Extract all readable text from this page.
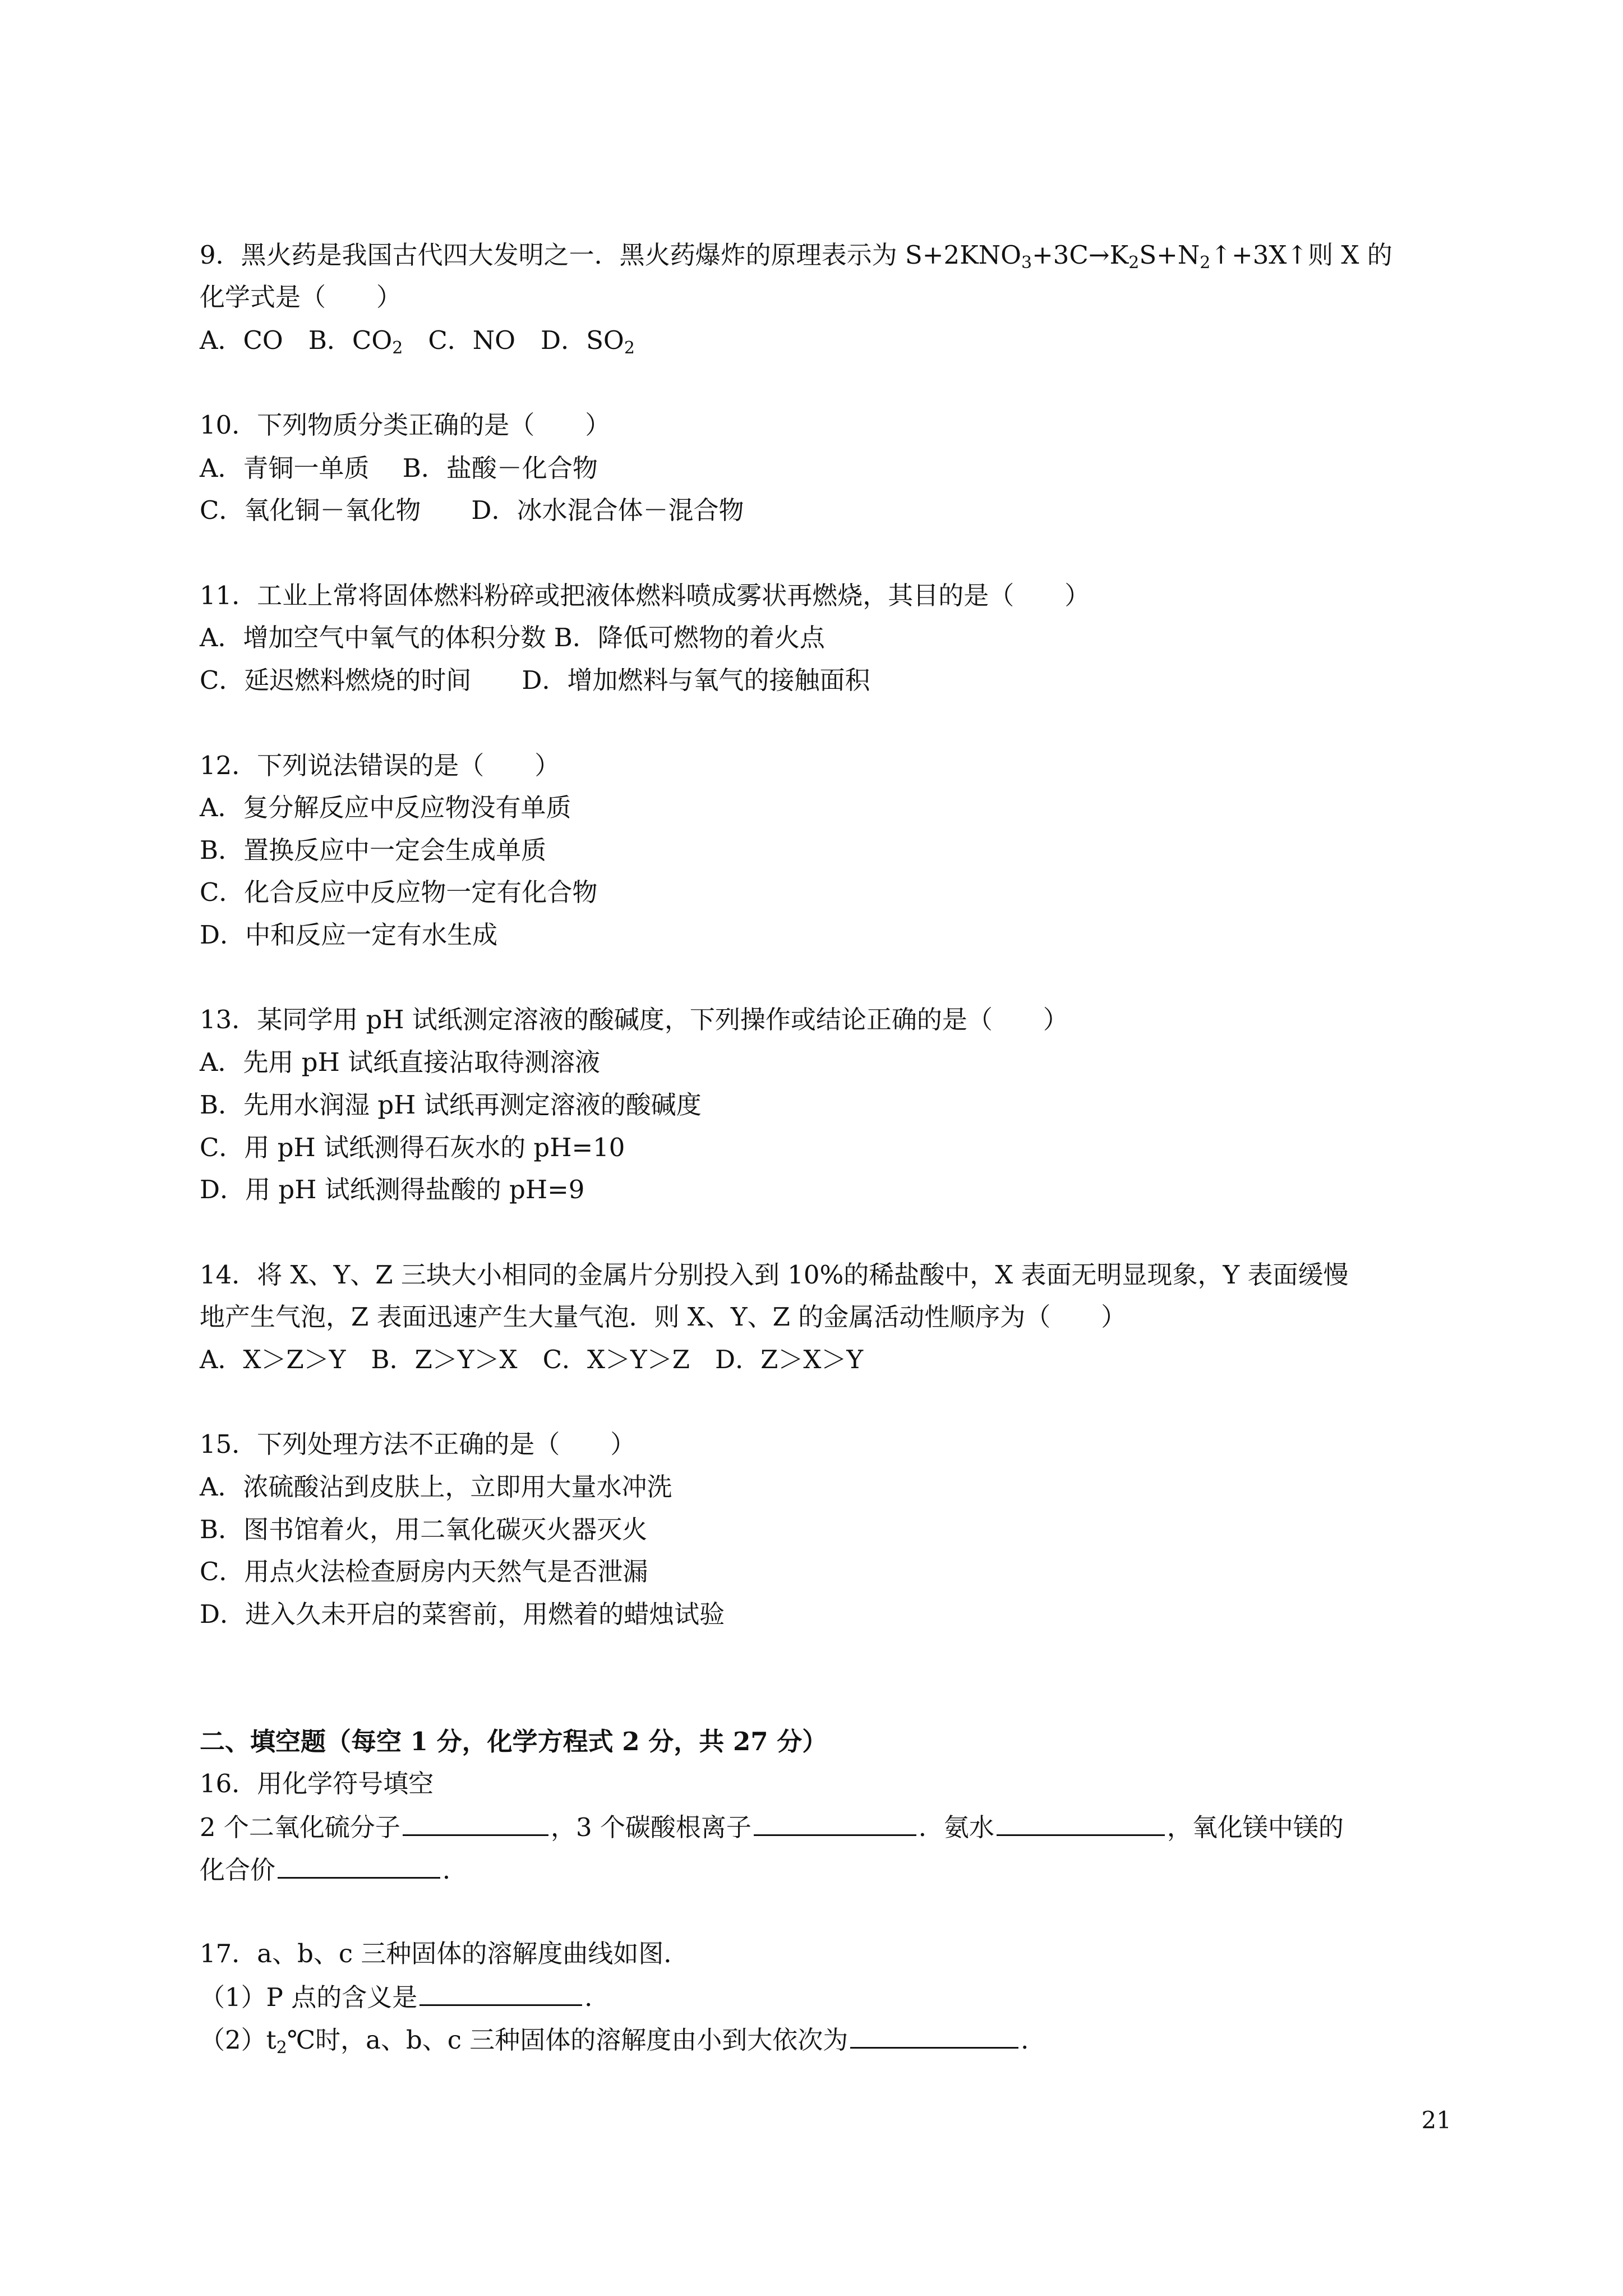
9．黑火药是我国古代四大发明之一．黑火药爆炸的原理表示为 $S+2KNO_3+3C\to K_2S+N_2↑+3X↑$则 X 的
化学式是（　　）
A．CO　B．$CO_2$　C．NO　D．$SO_2$
10．下列物质分类正确的是（　　）
A．青铜一单质　 B．盐酸－化合物
C．氧化铜－氧化物　　D．冰水混合体－混合物
11．工业上常将固体燃料粉碎或把液体燃料喷成雾状再燃烧，其目的是（　　）
A．增加空气中氧气的体积分数 B．降低可燃物的着火点
C．延迟燃料燃烧的时间　　D．增加燃料与氧气的接触面积
12．下列说法错误的是（　　）
A．复分解反应中反应物没有单质
B．置换反应中一定会生成单质
C．化合反应中反应物一定有化合物
D．中和反应一定有水生成
13．某同学用 pH 试纸测定溶液的酸碱度，下列操作或结论正确的是（　　）
A．先用 pH 试纸直接沾取待测溶液
B．先用水润湿 pH 试纸再测定溶液的酸碱度
C．用 pH 试纸测得石灰水的 pH=10
D．用 pH 试纸测得盐酸的 pH=9
14．将 X、Y、Z 三块大小相同的金属片分别投入到 10%的稀盐酸中，X 表面无明显现象，Y 表面缓慢
地产生气泡，Z 表面迅速产生大量气泡．则 X、Y、Z 的金属活动性顺序为（　　）
A．X＞Z＞Y　B．Z＞Y＞X　C．X＞Y＞Z　D．Z＞X＞Y
15．下列处理方法不正确的是（　　）
A．浓硫酸沾到皮肤上，立即用大量水冲洗
B．图书馆着火，用二氧化碳灭火器灭火
C．用点火法检查厨房内天然气是否泄漏
D．进入久未开启的菜窖前，用燃着的蜡烛试验
二、填空题（每空 1 分，化学方程式 2 分，共 27 分）
16．用化学符号填空
2 个二氧化硫分子	，3 个碳酸根离子	．氨水	，氧化镁中镁的
化合价	．
17．a、b、c 三种固体的溶解度曲线如图．
（1）P 点的含义是	．
$(2)t_2℃$时，a、b、c 三种固体的溶解度由小到大依次为	．
21
